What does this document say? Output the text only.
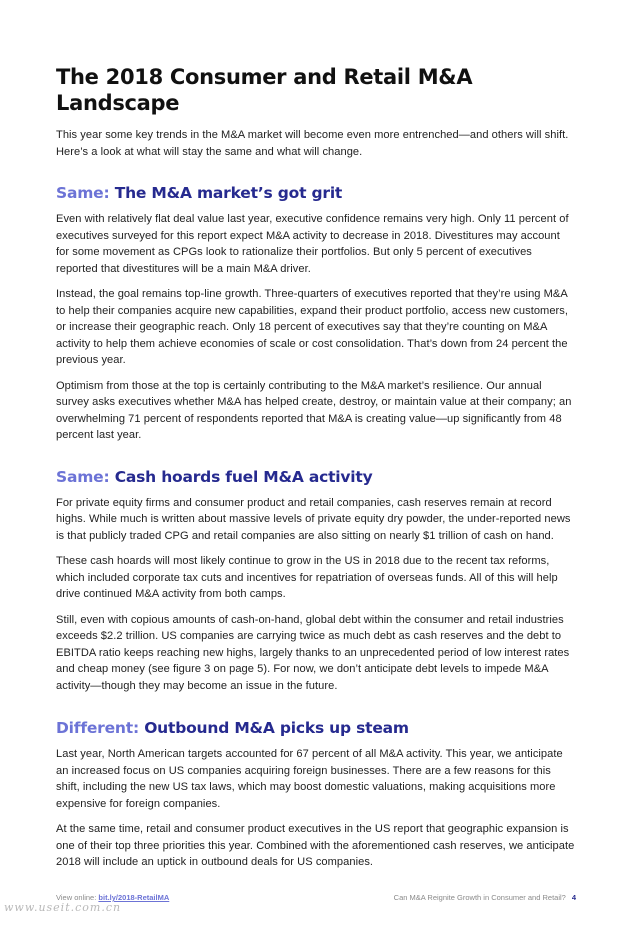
The 2018 Consumer and Retail M&A Landscape

This year some key trends in the M&A market will become even more entrenched—and others will shift. Here’s a look at what will stay the same and what will change.

Same: The M&A market’s got grit

Even with relatively flat deal value last year, executive confidence remains very high. Only 11 percent of executives surveyed for this report expect M&A activity to decrease in 2018. Divestitures may account for some movement as CPGs look to rationalize their portfolios. But only 5 percent of executives reported that divestitures will be a main M&A driver.

Instead, the goal remains top-line growth. Three-quarters of executives reported that they’re using M&A to help their companies acquire new capabilities, expand their product portfolio, access new customers, or increase their geographic reach. Only 18 percent of executives say that they’re counting on M&A activity to help them achieve economies of scale or cost consolidation. That’s down from 24 percent the previous year.

Optimism from those at the top is certainly contributing to the M&A market’s resilience. Our annual survey asks executives whether M&A has helped create, destroy, or maintain value at their company; an overwhelming 71 percent of respondents reported that M&A is creating value—up significantly from 48 percent last year.

Same: Cash hoards fuel M&A activity

For private equity firms and consumer product and retail companies, cash reserves remain at record highs. While much is written about massive levels of private equity dry powder, the under-reported news is that publicly traded CPG and retail companies are also sitting on nearly $1 trillion of cash on hand.

These cash hoards will most likely continue to grow in the US in 2018 due to the recent tax reforms, which included corporate tax cuts and incentives for repatriation of overseas funds. All of this will help drive continued M&A activity from both camps.

Still, even with copious amounts of cash-on-hand, global debt within the consumer and retail industries exceeds $2.2 trillion. US companies are carrying twice as much debt as cash reserves and the debt to EBITDA ratio keeps reaching new highs, largely thanks to an unprecedented period of low interest rates and cheap money (see figure 3 on page 5). For now, we don’t anticipate debt levels to impede M&A activity—though they may become an issue in the future.

Different: Outbound M&A picks up steam

Last year, North American targets accounted for 67 percent of all M&A activity. This year, we anticipate an increased focus on US companies acquiring foreign businesses. There are a few reasons for this shift, including the new US tax laws, which may boost domestic valuations, making acquisitions more expensive for foreign companies.

At the same time, retail and consumer product executives in the US report that geographic expansion is one of their top three priorities this year. Combined with the aforementioned cash reserves, we anticipate 2018 will include an uptick in outbound deals for US companies.

View online: bit.ly/2018-RetailMA	Can M&A Reignite Growth in Consumer and Retail? 4
www.useit.com.cn
